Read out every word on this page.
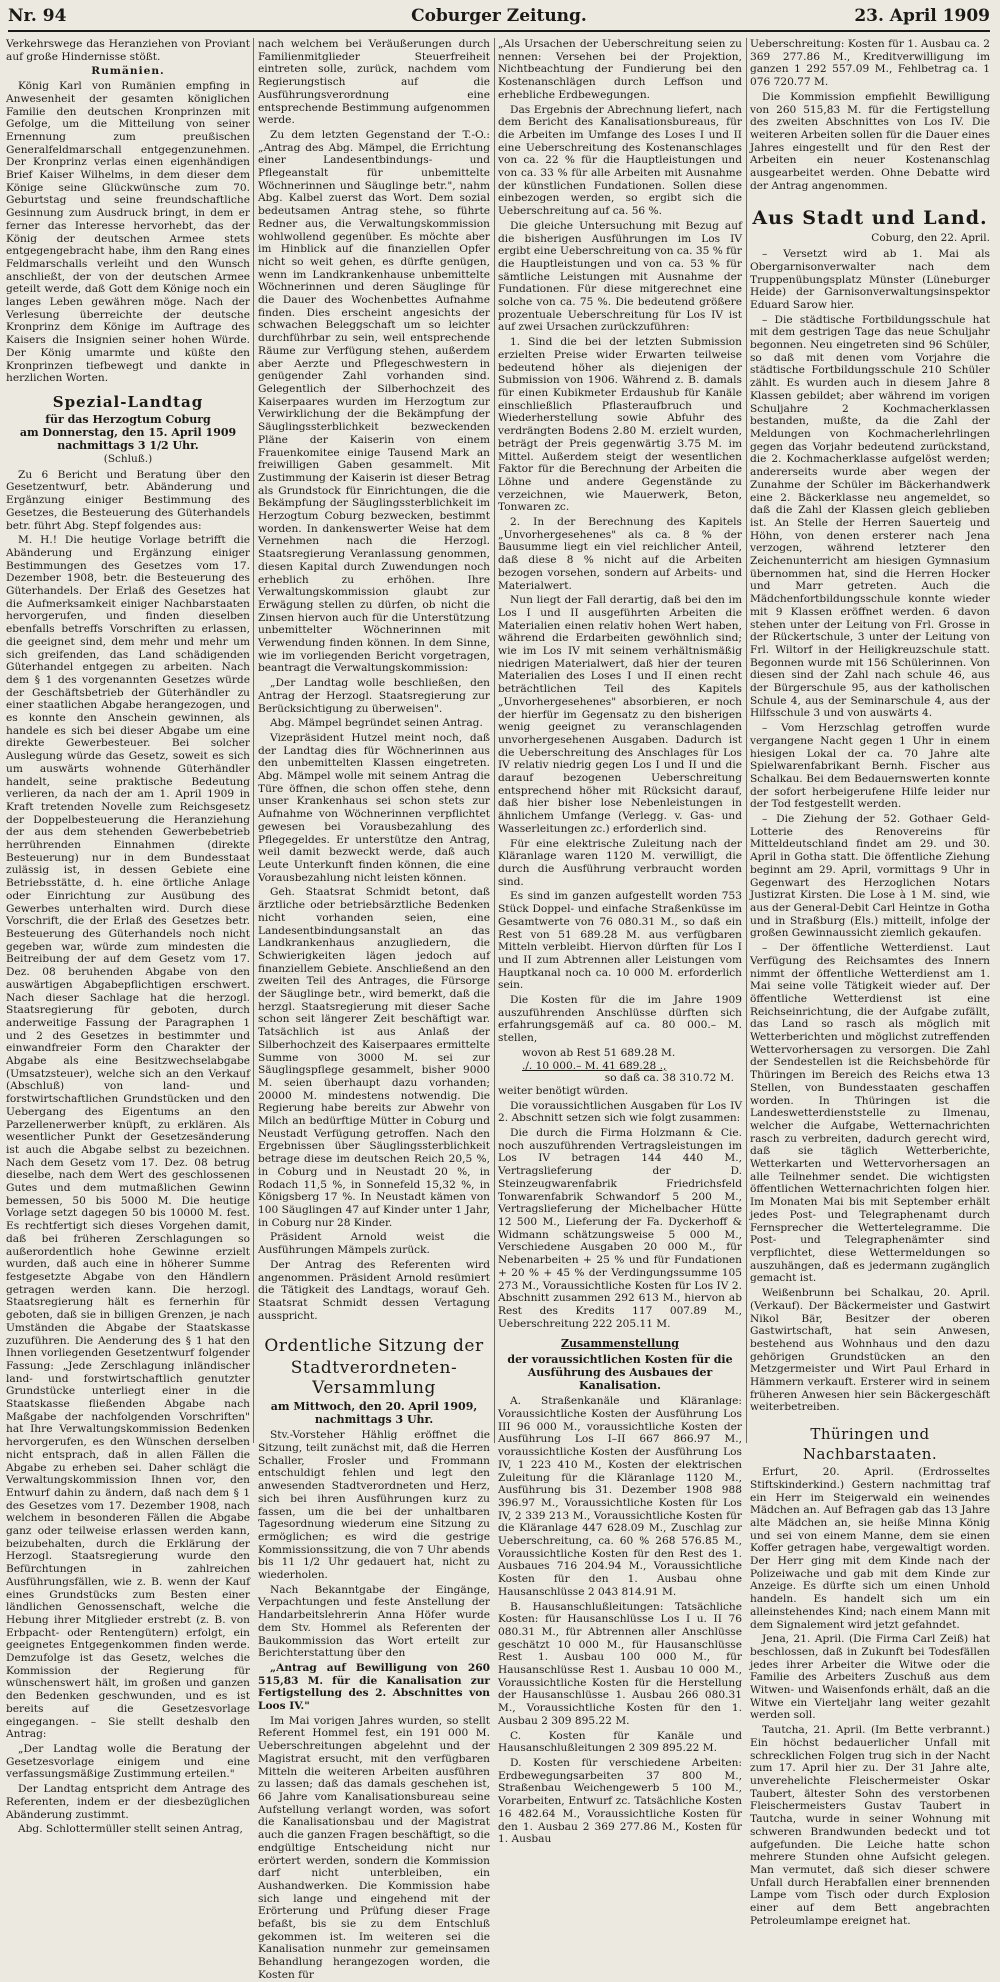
Nr. 94	Coburger Zeitung.	23. April 1909

Verkehrswege das Heranziehen von Proviant auf große Hindernisse stößt.

Rumänien.

König Karl von Rumänien empfing in Anwesenheit der gesamten königlichen Familie den deutschen Kronprinzen mit Gefolge, um die Mitteilung von seiner Ernennung zum preußischen Generalfeldmarschall entgegenzunehmen. Der Kronprinz verlas einen eigenhändigen Brief Kaiser Wilhelms, in dem dieser dem Könige seine Glückwünsche zum 70. Geburtstag und seine freundschaftliche Gesinnung zum Ausdruck bringt, in dem er ferner das Interesse hervorhebt, das der König der deutschen Armee stets entgegengebracht habe, ihm den Rang eines Feldmarschalls verleiht und den Wunsch anschließt, der von der deutschen Armee geteilt werde, daß Gott dem Könige noch ein langes Leben gewähren möge. Nach der Verlesung überreichte der deutsche Kronprinz dem Könige im Auftrage des Kaisers die Insignien seiner hohen Würde. Der König umarmte und küßte den Kronprinzen tiefbewegt und dankte in herzlichen Worten.

Spezial-Landtag
für das Herzogtum Coburg
am Donnerstag, den 15. April 1909 nachmittags 3 1/2 Uhr.
(Schluß.)

Zu 6 Bericht und Beratung über den Gesetzentwurf, betr. Abänderung und Ergänzung einiger Bestimmung des Gesetzes, die Besteuerung des Güterhandels betr. führt Abg. Stepf folgendes aus:

M. H.! Die heutige Vorlage betrifft die Abänderung und Ergänzung einiger Bestimmungen des Gesetzes vom 17. Dezember 1908, betr. die Besteuerung des Güterhandels. Der Erlaß des Gesetzes hat die Aufmerksamkeit einiger Nachbarstaaten hervorgerufen, und finden dieselben ebenfalls betreffs Vorschriften zu erlassen, die geeignet sind, dem mehr und mehr um sich greifenden, das Land schädigenden Güterhandel entgegen zu arbeiten. Nach dem § 1 des vorgenannten Gesetzes würde der Geschäftsbetrieb der Güterhändler zu einer staatlichen Abgabe herangezogen, und es konnte den Anschein gewinnen, als handele es sich bei dieser Abgabe um eine direkte Gewerbesteuer. Bei solcher Auslegung würde das Gesetz, soweit es sich um auswärts wohnende Güterhändler handelt, seine praktische Bedeutung verlieren, da nach der am 1. April 1909 in Kraft tretenden Novelle zum Reichsgesetz der Doppelbesteuerung die Heranziehung der aus dem stehenden Gewerbebetrieb herrührenden Einnahmen (direkte Besteuerung) nur in dem Bundesstaat zulässig ist, in dessen Gebiete eine Betriebsstätte, d. h. eine örtliche Anlage oder Einrichtung zur Ausübung des Gewerbes unterhalten wird. Durch diese Vorschrift, die der Erlaß des Gesetzes betr. Besteuerung des Güterhandels noch nicht gegeben war, würde zum mindesten die Beitreibung der auf dem Gesetz vom 17. Dez. 08 beruhenden Abgabe von den auswärtigen Abgabepflichtigen erschwert. Nach dieser Sachlage hat die herzogl. Staatsregierung für geboten, durch anderweitige Fassung der Paragraphen 1 und 2 des Gesetzes in bestimmter und einwandfreier Form den Charakter der Abgabe als eine Besitzwechselabgabe (Umsatzsteuer), welche sich an den Verkauf (Abschluß) von land- und forstwirtschaftlichen Grundstücken und den Uebergang des Eigentums an den Parzellenerwerber knüpft, zu erklären. Als wesentlicher Punkt der Gesetzesänderung ist auch die Abgabe selbst zu bezeichnen. Nach dem Gesetz vom 17. Dez. 08 betrug dieselbe, nach dem Wert des geschlossenen Gutes und dem mutmaßlichen Gewinn bemessen, 50 bis 5000 M. Die heutige Vorlage setzt dagegen 50 bis 10000 M. fest. Es rechtfertigt sich dieses Vorgehen damit, daß bei früheren Zerschlagungen so außerordentlich hohe Gewinne erzielt wurden, daß auch eine in höherer Summe festgesetzte Abgabe von den Händlern getragen werden kann. Die herzogl. Staatsregierung hält es fernerhin für geboten, daß sie in billigen Grenzen, je nach Umständen die Abgabe der Staatskasse zuzuführen. Die Aenderung des § 1 hat den Ihnen vorliegenden Gesetzentwurf folgender Fassung: „Jede Zerschlagung inländischer land- und forstwirtschaftlich genutzter Grundstücke unterliegt einer in die Staatskasse fließenden Abgabe nach Maßgabe der nachfolgenden Vorschriften" hat Ihre Verwaltungskommission Bedenken hervorgerufen, es den Wünschen derselben nicht entsprach, daß in allen Fällen die Abgabe zu erheben sei. Daher schlägt die Verwaltungskommission Ihnen vor, den Entwurf dahin zu ändern, daß nach dem § 1 des Gesetzes vom 17. Dezember 1908, nach welchem in besonderen Fällen die Abgabe ganz oder teilweise erlassen werden kann, beizubehalten, durch die Erklärung der Herzogl. Staatsregierung wurde den Befürchtungen in zahlreichen Ausführungsfällen, wie z. B. wenn der Kauf eines Grundstücks zum Besten einer ländlichen Genossenschaft, welche die Hebung ihrer Mitglieder erstrebt (z. B. von Erbpacht- oder Rentengütern) erfolgt, ein geeignetes Entgegenkommen finden werde. Demzufolge ist das Gesetz, welches die Kommission der Regierung für wünschenswert hält, im großen und ganzen den Bedenken geschwunden, und es ist bereits auf die Gesetzesvorlage eingegangen. – Sie stellt deshalb den Antrag:

„Der Landtag wolle die Beratung der Gesetzesvorlage einigem und eine verfassungsmäßige Zustimmung erteilen."

Der Landtag entspricht dem Antrage des Referenten, indem er der diesbezüglichen Abänderung zustimmt.

Abg. Schlottermüller stellt seinen Antrag,

nach welchem bei Veräußerungen durch Familienmitglieder Steuerfreiheit eintreten solle, zurück, nachdem vom Regierungstisch auf die Ausführungsverordnung eine entsprechende Bestimmung aufgenommen werde.

Zu dem letzten Gegenstand der T.-O.: „Antrag des Abg. Mämpel, die Errichtung einer Landesentbindungs- und Pflegeanstalt für unbemittelte Wöchnerinnen und Säuglinge betr.", nahm Abg. Kalbel zuerst das Wort. Dem sozial bedeutsamen Antrag stehe, so führte Redner aus, die Verwaltungskommission wohlwollend gegenüber. Es möchte aber im Hinblick auf die finanziellen Opfer nicht so weit gehen, es dürfte genügen, wenn im Landkrankenhause unbemittelte Wöchnerinnen und deren Säuglinge für die Dauer des Wochenbettes Aufnahme finden. Dies erscheint angesichts der schwachen Beleggschaft um so leichter durchführbar zu sein, weil entsprechende Räume zur Verfügung stehen, außerdem aber Aerzte und Pflegeschwestern in genügender Zahl vorhanden sind. Gelegentlich der Silberhochzeit des Kaiserpaares wurden im Herzogtum zur Verwirklichung der die Bekämpfung der Säuglingssterblichkeit bezweckenden Pläne der Kaiserin von einem Frauenkomitee einige Tausend Mark an freiwilligen Gaben gesammelt. Mit Zustimmung der Kaiserin ist dieser Betrag als Grundstock für Einrichtungen, die die Bekämpfung der Säuglingssterblichkeit im Herzogtum Coburg bezwecken, bestimmt worden. In dankenswerter Weise hat dem Vernehmen nach die Herzogl. Staatsregierung Veranlassung genommen, diesen Kapital durch Zuwendungen noch erheblich zu erhöhen. Ihre Verwaltungskommission glaubt zur Erwägung stellen zu dürfen, ob nicht die Zinsen hiervon auch für die Unterstützung unbemittelter Wöchnerinnen mit Verwendung finden können. In dem Sinne, wie im vorliegenden Bericht vorgetragen, beantragt die Verwaltungskommission:

„Der Landtag wolle beschließen, den Antrag der Herzogl. Staatsregierung zur Berücksichtigung zu überweisen".

Abg. Mämpel begründet seinen Antrag.

Vizepräsident Hutzel meint noch, daß der Landtag dies für Wöchnerinnen aus den unbemittelten Klassen eingetreten. Abg. Mämpel wolle mit seinem Antrag die Türe öffnen, die schon offen stehe, denn unser Krankenhaus sei schon stets zur Aufnahme von Wöchnerinnen verpflichtet gewesen bei Vorausbezahlung des Pflegegeldes. Er unterstütze den Antrag, weil damit bezweckt werde, daß auch Leute Unterkunft finden können, die eine Vorausbezahlung nicht leisten können.

Geh. Staatsrat Schmidt betont, daß ärztliche oder betriebsärztliche Bedenken nicht vorhanden seien, eine Landesentbindungsanstalt an das Landkrankenhaus anzugliedern, die Schwierigkeiten lägen jedoch auf finanziellem Gebiete. Anschließend an den zweiten Teil des Antrages, die Fürsorge der Säuglinge betr., wird bemerkt, daß die herzgl. Staatsregierung mit dieser Sache schon seit längerer Zeit beschäftigt war. Tatsächlich ist aus Anlaß der Silberhochzeit des Kaiserpaares ermittelte Summe von 3000 M. sei zur Säuglingspflege gesammelt, bisher 9000 M. seien überhaupt dazu vorhanden; 20000 M. mindestens notwendig. Die Regierung habe bereits zur Abwehr von Milch an bedürftige Mütter in Coburg und Neustadt Verfügung getroffen. Nach den Ergebnissen über Säuglingssterblichkeit betrage diese im deutschen Reich 20,5 %, in Coburg und in Neustadt 20 %, in Rodach 11,5 %, in Sonnefeld 15,32 %, in Königsberg 17 %. In Neustadt kämen von 100 Säuglingen 47 auf Kinder unter 1 Jahr, in Coburg nur 28 Kinder.

Präsident Arnold weist die Ausführungen Mämpels zurück.

Der Antrag des Referenten wird angenommen. Präsident Arnold resümiert die Tätigkeit des Landtags, worauf Geh. Staatsrat Schmidt dessen Vertagung ausspricht.

Ordentliche Sitzung der
Stadtverordneten-Versammlung
am Mittwoch, den 20. April 1909, nachmittags 3 Uhr.

Stv.-Vorsteher Hählig eröffnet die Sitzung, teilt zunächst mit, daß die Herren Schaller, Frosler und Frommann entschuldigt fehlen und legt den anwesenden Stadtverordneten und Herz, sich bei ihren Ausführungen kurz zu fassen, um die bei der unhaltbaren Tagesordnung wiederum eine Sitzung zu ermöglichen; es wird die gestrige Kommissionssitzung, die von 7 Uhr abends bis 11 1/2 Uhr gedauert hat, nicht zu wiederholen.

Nach Bekanntgabe der Eingänge, Verpachtungen und feste Anstellung der Handarbeitslehrerin Anna Höfer wurde dem Stv. Hommel als Referenten der Baukommission das Wort erteilt zur Berichterstattung über den

„Antrag auf Bewilligung von 260 515,83 M. für die Kanalisation zur Fertigstellung des 2. Abschnittes von Loos IV."

Im Mai vorigen Jahres wurden, so stellt Referent Hommel fest, ein 191 000 M. Ueberschreitungen abgelehnt und der Magistrat ersucht, mit den verfügbaren Mitteln die weiteren Arbeiten ausführen zu lassen; daß das damals geschehen ist, 66 Jahre vom Kanalisationsbureau seine Aufstellung verlangt worden, was sofort die Kanalisationsbau und der Magistrat auch die ganzen Fragen beschäftigt, so die endgültige Entscheidung nicht nur erörtert werden, sondern die Kommission darf nicht unterbleiben, ein Aushandwerken. Die Kommission habe sich lange und eingehend mit der Erörterung und Prüfung dieser Frage befaßt, bis sie zu dem Entschluß gekommen ist. Im weiteren sei die Kanalisation nunmehr zur gemeinsamen Behandlung herangezogen worden, die Kosten für

„Als Ursachen der Ueberschreitung seien zu nennen: Versehen bei der Projektion, Nichtbeachtung der Fundierung bei den Kostenanschlägen durch Leffson und erhebliche Erdbewegungen.

Das Ergebnis der Abrechnung liefert, nach dem Bericht des Kanalisationsbureaus, für die Arbeiten im Umfange des Loses I und II eine Ueberschreitung des Kostenanschlages von ca. 22 % für die Hauptleistungen und von ca. 33 % für alle Arbeiten mit Ausnahme der künstlichen Fundationen. Sollen diese einbezogen werden, so ergibt sich die Ueberschreitung auf ca. 56 %.

Die gleiche Untersuchung mit Bezug auf die bisherigen Ausführungen im Los IV ergibt eine Ueberschreitung von ca. 35 % für die Hauptleistungen und von ca. 53 % für sämtliche Leistungen mit Ausnahme der Fundationen. Für diese mitgerechnet eine solche von ca. 75 %. Die bedeutend größere prozentuale Ueberschreitung für Los IV ist auf zwei Ursachen zurückzuführen:

1. Sind die bei der letzten Submission erzielten Preise wider Erwarten teilweise bedeutend höher als diejenigen der Submission von 1906. Während z. B. damals für einen Kubikmeter Erdaushub für Kanäle einschließlich Pflasteraufbruch und Wiederherstellung sowie Abfuhr des verdrängten Bodens 2.80 M. erzielt wurden, beträgt der Preis gegenwärtig 3.75 M. im Mittel. Außerdem steigt der wesentlichen Faktor für die Berechnung der Arbeiten die Löhne und andere Gegenstände zu verzeichnen, wie Mauerwerk, Beton, Tonwaren zc.

2. In der Berechnung des Kapitels „Unvorhergesehenes" als ca. 8 % der Bausumme liegt ein viel reichlicher Anteil, daß diese 8 % nicht auf die Arbeiten bezogen vorsehen, sondern auf Arbeits- und Materialwert.

Nun liegt der Fall derartig, daß bei den im Los I und II ausgeführten Arbeiten die Materialien einen relativ hohen Wert haben, während die Erdarbeiten gewöhnlich sind; wie im Los IV mit seinem verhältnismäßig niedrigen Materialwert, daß hier der teuren Materialien des Loses I und II einen recht beträchtlichen Teil des Kapitels „Unvorhergesehenes" absorbieren, er noch der hierfür im Gegensatz zu den bisherigen wenig geeignet zu veranschlagenden unvorhergesehenen Ausgaben. Dadurch ist die Ueberschreitung des Anschlages für Los IV relativ niedrig gegen Los I und II und die darauf bezogenen Ueberschreitung entsprechend höher mit Rücksicht darauf, daß hier bisher lose Nebenleistungen in ähnlichem Umfange (Verlegg. v. Gas- und Wasserleitungen zc.) erforderlich sind.

Für eine elektrische Zuleitung nach der Kläranlage waren 1120 M. verwilligt, die durch die Ausführung verbraucht worden sind.

Es sind im ganzen aufgestellt worden 753 Stück Doppel- und einfache Straßenküsse im Gesamtwerte von 76 080.31 M., so daß ein Rest von 51 689.28 M. aus verfügbaren Mitteln verbleibt. Hiervon dürften für Los I und II zum Abtrennen aller Leistungen vom Hauptkanal noch ca. 10 000 M. erforderlich sein.

Die Kosten für die im Jahre 1909 auszuführenden Anschlüsse dürften sich erfahrungsgemäß auf ca. 80 000.– M. stellen,

wovon ab Rest 51 689.28 M.
./. 10 000.– M. 41 689.28 .,
so daß ca. 38 310.72 M.

weiter benötigt würden.

Die voraussichtlichen Ausgaben für Los IV 2. Abschnitt setzen sich wie folgt zusammen:

Die durch die Firma Holzmann & Cie. noch auszuführenden Vertragsleistungen im Los IV betragen 144 440 M., Vertragslieferung der D. Steinzeugwarenfabrik Friedrichsfeld Tonwarenfabrik Schwandorf 5 200 M., Vertragslieferung der Michelbacher Hütte 12 500 M., Lieferung der Fa. Dyckerhoff & Widmann schätzungsweise 5 000 M., Verschiedene Ausgaben 20 000 M., für Nebenarbeiten + 25 % und für Fundationen + 20 % + 45 % der Verdingungssumme 105 273 M., Voraussichtliche Kosten für Los IV 2. Abschnitt zusammen 292 613 M., hiervon ab Rest des Kredits 117 007.89 M., Ueberschreitung 222 205.11 M.

Zusammenstellung
der voraussichtlichen Kosten für die Ausführung des Ausbaues der Kanalisation.

A. Straßenkanäle und Kläranlage: Voraussichtliche Kosten der Ausführung Los III 96 000 M., voraussichtliche Kosten der Ausführung Los I–II 667 866.97 M., voraussichtliche Kosten der Ausführung Los IV, 1 223 410 M., Kosten der elektrischen Zuleitung für die Kläranlage 1120 M., Ausführung bis 31. Dezember 1908 988 396.97 M., Voraussichtliche Kosten für Los IV, 2 339 213 M., Voraussichtliche Kosten für die Kläranlage 447 628.09 M., Zuschlag zur Ueberschreitung, ca. 60 % 268 576.85 M., Voraussichtliche Kosten für den Rest des 1. Ausbaues 716 204.94 M., Voraussichtliche Kosten für den 1. Ausbau ohne Hausanschlüsse 2 043 814.91 M.

B. Hausanschlußleitungen: Tatsächliche Kosten: für Hausanschlüsse Los I u. II 76 080.31 M., für Abtrennen aller Anschlüsse geschätzt 10 000 M., für Hausanschlüsse Rest 1. Ausbau 100 000 M., für Hausanschlüsse Rest 1. Ausbau 10 000 M., Voraussichtliche Kosten für die Herstellung der Hausanschlüsse 1. Ausbau 266 080.31 M., Voraussichtliche Kosten für den 1. Ausbau 2 309 895.22 M.

C. Kosten für Kanäle und Hausanschlußleitungen 2 309 895.22 M.

D. Kosten für verschiedene Arbeiten: Erdbewegungsarbeiten 37 800 M., Straßenbau Weichengewerb 5 100 M., Vorarbeiten, Entwurf zc. Tatsächliche Kosten 16 482.64 M., Voraussichtliche Kosten für den 1. Ausbau 2 369 277.86 M., Kosten für 1. Ausbau

Ueberschreitung: Kosten für 1. Ausbau ca. 2 369 277.86 M., Kreditverwilligung im ganzen 1 292 557.09 M., Fehlbetrag ca. 1 076 720.77 M.

Die Kommission empfiehlt Bewilligung von 260 515,83 M. für die Fertigstellung des zweiten Abschnittes von Los IV. Die weiteren Arbeiten sollen für die Dauer eines Jahres eingestellt und für den Rest der Arbeiten ein neuer Kostenanschlag ausgearbeitet werden. Ohne Debatte wird der Antrag angenommen.

Aus Stadt und Land.
Coburg, den 22. April.

– Versetzt wird ab 1. Mai als Obergarnisonverwalter nach dem Truppenübungsplatz Münster (Lüneburger Heide) der Garnisonverwaltungsinspektor Eduard Sarow hier.

– Die städtische Fortbildungsschule hat mit dem gestrigen Tage das neue Schuljahr begonnen. Neu eingetreten sind 96 Schüler, so daß mit denen vom Vorjahre die städtische Fortbildungsschule 210 Schüler zählt. Es wurden auch in diesem Jahre 8 Klassen gebildet; aber während im vorigen Schuljahre 2 Kochmacherklassen bestanden, mußte, da die Zahl der Meldungen von Kochmacherlehrlingen gegen das Vorjahr bedeutend zurückstand, die 2. Kochmacherklasse aufgelöst werden; andererseits wurde aber wegen der Zunahme der Schüler im Bäckerhandwerk eine 2. Bäckerklasse neu angemeldet, so daß die Zahl der Klassen gleich geblieben ist. An Stelle der Herren Sauerteig und Höhn, von denen ersterer nach Jena verzogen, während letzterer den Zeichenunterricht am hiesigen Gymnasium übernommen hat, sind die Herren Hocker und Marr getreten. Auch die Mädchenfortbildungsschule konnte wieder mit 9 Klassen eröffnet werden. 6 davon stehen unter der Leitung von Frl. Grosse in der Rückertschule, 3 unter der Leitung von Frl. Wiltorf in der Heiligkreuzschule statt. Begonnen wurde mit 156 Schülerinnen. Von diesen sind der Zahl nach schule 46, aus der Bürgerschule 95, aus der katholischen Schule 4, aus der Seminarschule 4, aus der Hilfsschule 3 und von auswärts 4.

– Vom Herzschlag getroffen wurde vergangene Nacht gegen 1 Uhr in einem hiesigen Lokal der ca. 70 Jahre alte Spielwarenfabrikant Bernh. Fischer aus Schalkau. Bei dem Bedauernswerten konnte der sofort herbeigerufene Hilfe leider nur der Tod festgestellt werden.

– Die Ziehung der 52. Gothaer Geld-Lotterie des Renovereins für Mitteldeutschland findet am 29. und 30. April in Gotha statt. Die öffentliche Ziehung beginnt am 29. April, vormittags 9 Uhr in Gegenwart des Herzoglichen Notars Justizrat Kirsten. Die Lose à 1 M. sind, wie aus der General-Debit Carl Heintze in Gotha und in Straßburg (Els.) mitteilt, infolge der großen Gewinnaussicht ziemlich gekaufen.

– Der öffentliche Wetterdienst. Laut Verfügung des Reichsamtes des Innern nimmt der öffentliche Wetterdienst am 1. Mai seine volle Tätigkeit wieder auf. Der öffentliche Wetterdienst ist eine Reichseinrichtung, die der Aufgabe zufällt, das Land so rasch als möglich mit Wetterberichten und möglichst zutreffenden Wettervorhersagen zu versorgen. Die Zahl der Sendestellen ist die Reichsbehörde für Thüringen im Bereich des Reichs etwa 13 Stellen, von Bundesstaaten geschaffen worden. In Thüringen ist die Landeswetterdienststelle zu Ilmenau, welcher die Aufgabe, Wetternachrichten rasch zu verbreiten, dadurch gerecht wird, daß sie täglich Wetterberichte, Wetterkarten und Wettervorhersagen an alle Teilnehmer sendet. Die wichtigsten öffentlichen Wetternachrichten folgen hier. Im Monaten Mai bis mit September erhält jedes Post- und Telegraphenamt durch Fernsprecher die Wettertelegramme. Die Post- und Telegraphenämter sind verpflichtet, diese Wettermeldungen so auszuhängen, daß es jedermann zugänglich gemacht ist.

Weißenbrunn bei Schalkau, 20. April. (Verkauf). Der Bäckermeister und Gastwirt Nikol Bär, Besitzer der oberen Gastwirtschaft, hat sein Anwesen, bestehend aus Wohnhaus und den dazu gehörigen Grundstücken an den Metzgermeister und Wirt Paul Erhard in Hämmern verkauft. Ersterer wird in seinem früheren Anwesen hier sein Bäckergeschäft weiterbetreiben.

Thüringen und Nachbarstaaten.

Erfurt, 20. April. (Erdrosseltes Stiftskinderkind.) Gestern nachmittag traf ein Herr im Steigerwald ein weinendes Mädchen an. Auf Befragen gab das 13 Jahre alte Mädchen an, sie heiße Minna König und sei von einem Manne, dem sie einen Koffer getragen habe, vergewaltigt worden. Der Herr ging mit dem Kinde nach der Polizeiwache und gab mit dem Kinde zur Anzeige. Es dürfte sich um einen Unhold handeln. Es handelt sich um ein alleinstehendes Kind; nach einem Mann mit dem Signalement wird jetzt gefahndet.

Jena, 21. April. (Die Firma Carl Zeiß) hat beschlossen, daß in Zukunft bei Todesfällen jedes ihrer Arbeiter die Witwe oder die Familie des Arbeiters Zuschuß aus dem Witwen- und Waisenfonds erhält, daß an die Witwe ein Vierteljahr lang weiter gezahlt werden soll.

Tautcha, 21. April. (Im Bette verbrannt.) Ein höchst bedauerlicher Unfall mit schrecklichen Folgen trug sich in der Nacht zum 17. April hier zu. Der 31 Jahre alte, unverehelichte Fleischermeister Oskar Taubert, ältester Sohn des verstorbenen Fleischermeisters Gustav Taubert in Tautcha, wurde in seiner Wohnung mit schweren Brandwunden bedeckt und tot aufgefunden. Die Leiche hatte schon mehrere Stunden ohne Aufsicht gelegen. Man vermutet, daß sich dieser schwere Unfall durch Herabfallen einer brennenden Lampe vom Tisch oder durch Explosion einer auf dem Bett angebrachten Petroleumlampe ereignet hat.
